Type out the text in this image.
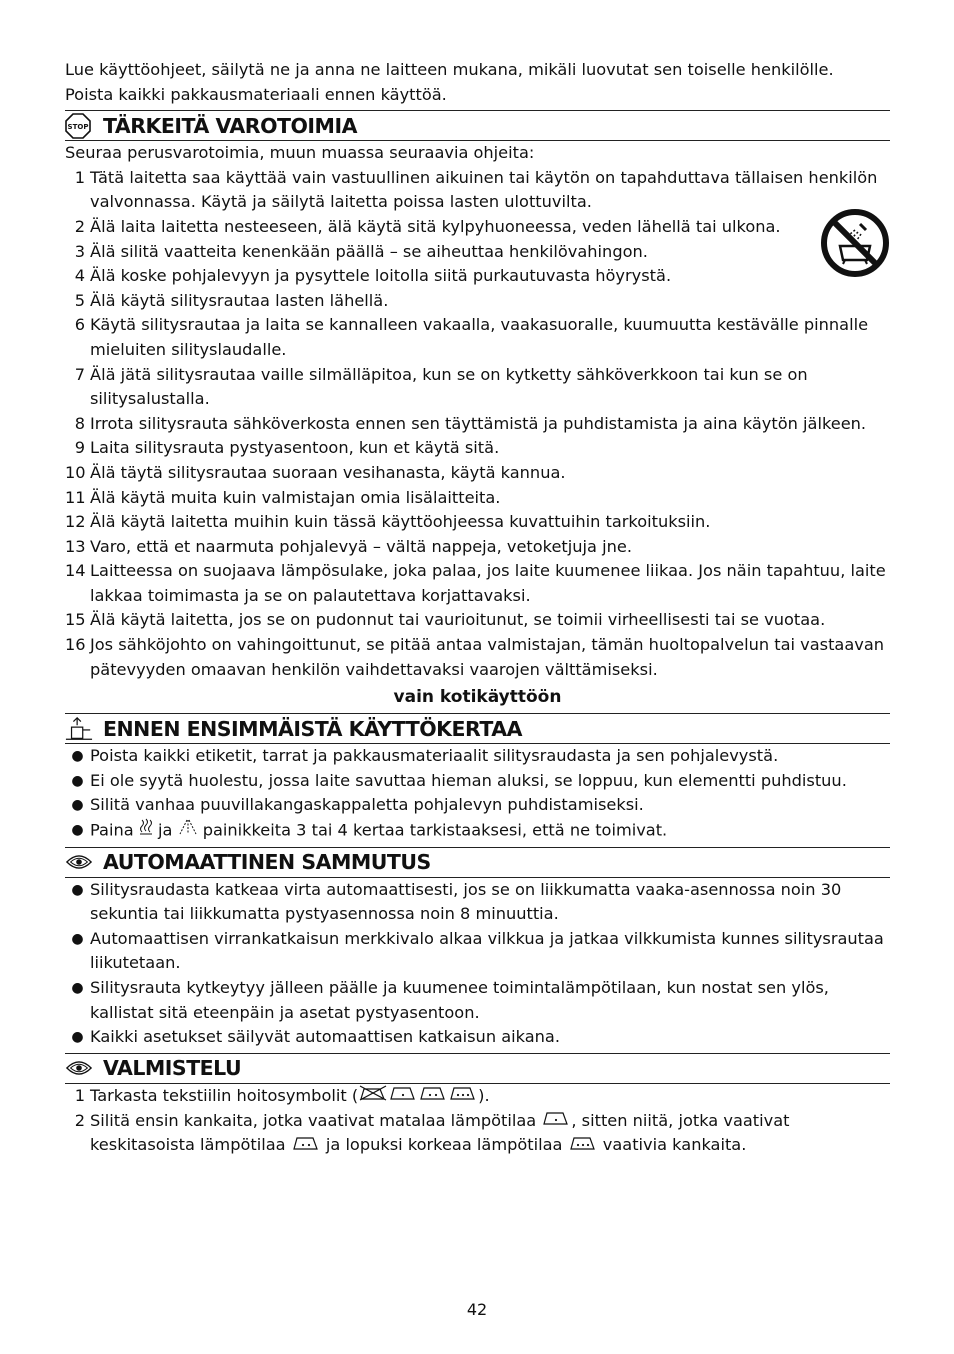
Lue käyttöohjeet, säilytä ne ja anna ne laitteen mukana, mikäli luovutat sen toiselle henkilölle.

Poista kaikki pakkausmateriaali ennen käyttöä.

STOP TÄRKEITÄ VAROTOIMIA

Seuraa perusvarotoimia, muun muassa seuraavia ohjeita:

1 Tätä laitetta saa käyttää vain vastuullinen aikuinen tai käytön on tapahduttava tällaisen henkilön valvonnassa. Käytä ja säilytä laitetta poissa lasten ulottuvilta.
2 Älä laita laitetta nesteeseen, älä käytä sitä kylpyhuoneessa, veden lähellä tai ulkona.
3 Älä silitä vaatteita kenenkään päällä – se aiheuttaa henkilövahingon.
4 Älä koske pohjalevyyn ja pysyttele loitolla siitä purkautuvasta höyrystä.
5 Älä käytä silitysrautaa lasten lähellä.
6 Käytä silitysrautaa ja laita se kannalleen vakaalla, vaakasuoralle, kuumuutta kestävälle pinnalle mieluiten silityslaudalle.
7 Älä jätä silitysrautaa vaille silmälläpitoa, kun se on kytketty sähköverkkoon tai kun se on silitysalustalla.
8 Irrota silitysrauta sähköverkosta ennen sen täyttämistä ja puhdistamista ja aina käytön jälkeen.
9 Laita silitysrauta pystyasentoon, kun et käytä sitä.
10 Älä täytä silitysrautaa suoraan vesihanasta, käytä kannua.
11 Älä käytä muita kuin valmistajan omia lisälaitteita.
12 Älä käytä laitetta muihin kuin tässä käyttöohjeessa kuvattuihin tarkoituksiin.
13 Varo, että et naarmuta pohjalevyä – vältä nappeja, vetoketjuja jne.
14 Laitteessa on suojaava lämpösulake, joka palaa, jos laite kuumenee liikaa. Jos näin tapahtuu, laite lakkaa toimimasta ja se on palautettava korjattavaksi.
15 Älä käytä laitetta, jos se on pudonnut tai vaurioitunut, se toimii virheellisesti tai se vuotaa.
16 Jos sähköjohto on vahingoittunut, se pitää antaa valmistajan, tämän huoltopalvelun tai vastaavan pätevyyden omaavan henkilön vaihdettavaksi vaarojen välttämiseksi.

vain kotikäyttöön

ENNEN ENSIMMÄISTÄ KÄYTTÖKERTAA
● Poista kaikki etiketit, tarrat ja pakkausmateriaalit silitysraudasta ja sen pohjalevystä.
● Ei ole syytä huolestu, jossa laite savuttaa hieman aluksi, se loppuu, kun elementti puhdistuu.
● Silitä vanhaa puuvillakangaskappaletta pohjalevyn puhdistamiseksi.
● Paina ja painikkeita 3 tai 4 kertaa tarkistaaksesi, että ne toimivat.
AUTOMAATTINEN SAMMUTUS
● Silitysraudasta katkeaa virta automaattisesti, jos se on liikkumatta vaaka-asennossa noin 30 sekuntia tai liikkumatta pystyasennossa noin 8 minuuttia.
● Automaattisen virrankatkaisun merkkivalo alkaa vilkkua ja jatkaa vilkkumista kunnes silitysrautaa liikutetaan.
● Silitysrauta kytkeytyy jälleen päälle ja kuumenee toimintalämpötilaan, kun nostat sen ylös, kallistat sitä eteenpäin ja asetat pystyasentoon.
● Kaikki asetukset säilyvät automaattisen katkaisun aikana.
VALMISTELU
1 Tarkasta tekstiilin hoitosymbolit (	).
2 Silitä ensin kankaita, jotka vaativat matalaa lämpötilaa , sitten niitä, jotka vaativat keskitasoista lämpötilaa ja lopuksi korkeaa lämpötilaa vaativia kankaita.
42
